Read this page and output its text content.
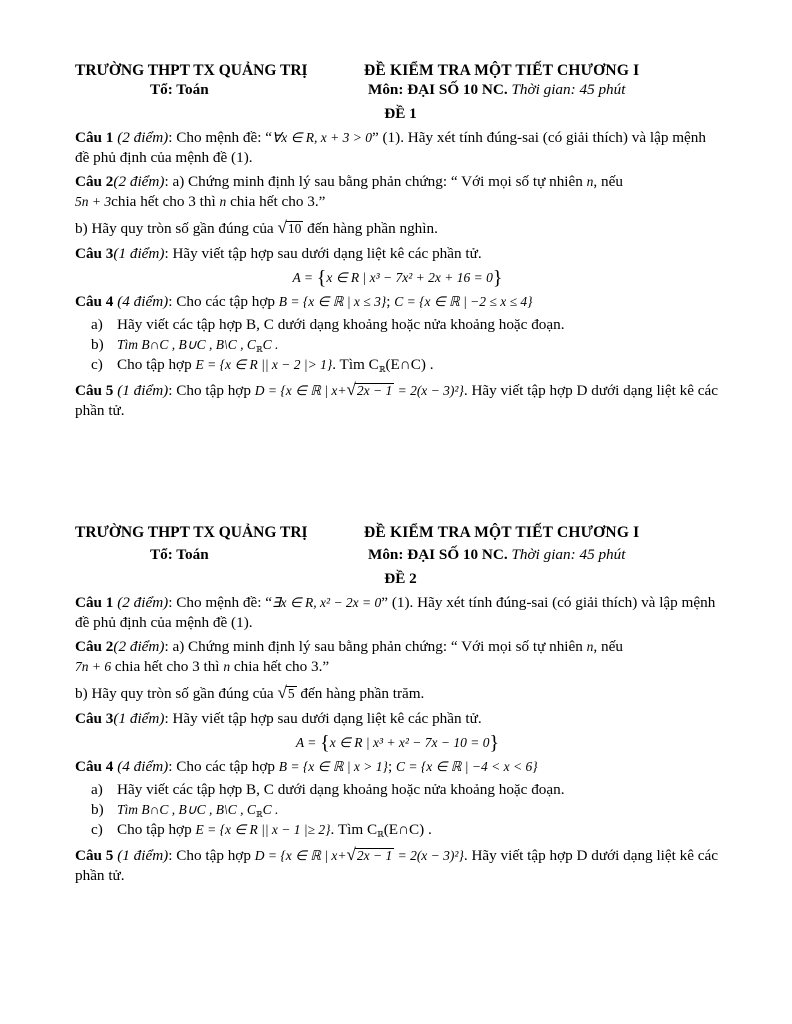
TRƯỜNG THPT TX QUẢNG TRỊ	ĐỀ KIỂM TRA MỘT TIẾT CHƯƠNG I
Tổ: Toán	Môn: ĐẠI SỐ 10 NC. Thời gian: 45 phút
ĐỀ 1

Câu 1 (2 điểm): Cho mệnh đề: “∀x ∈ R, x + 3 > 0” (1). Hãy xét tính đúng-sai (có giải thích) và lập mệnh đề phủ định của mệnh đề (1).

Câu 2(2 điểm): a) Chứng minh định lý sau bằng phản chứng: “ Với mọi số tự nhiên n, nếu
5n + 3chia hết cho 3 thì n chia hết cho 3.”

b) Hãy quy tròn số gần đúng của √10 đến hàng phần nghìn.

Câu 3(1 điểm): Hãy viết tập hợp sau dưới dạng liệt kê các phần tử.

A = {x ∈ R | x³ − 7x² + 2x + 16 = 0}

Câu 4 (4 điểm): Cho các tập hợp B = {x ∈ ℝ | x ≤ 3}; C = {x ∈ ℝ | −2 ≤ x ≤ 4}

a) Hãy viết các tập hợp B, C dưới dạng khoảng hoặc nửa khoảng hoặc đoạn.
b) Tìm B∩C , B∪C , B\C , $C_ℝC$ .
c) Cho tập hợp E = {x ∈ R || x − 2 |> 1}. Tìm $C_ℝ(E\cap C)$ .

Câu 5 (1 điểm): Cho tập hợp D = {x ∈ ℝ | x+√2x − 1 = 2(x − 3)²}. Hãy viết tập hợp D dưới dạng liệt kê các phần tử.

TRƯỜNG THPT TX QUẢNG TRỊ	ĐỀ KIỂM TRA MỘT TIẾT CHƯƠNG I
Tổ: Toán	Môn: ĐẠI SỐ 10 NC. Thời gian: 45 phút
ĐỀ 2

Câu 1 (2 điểm): Cho mệnh đề: “∃x ∈ R, x² − 2x = 0” (1). Hãy xét tính đúng-sai (có giải thích) và lập mệnh đề phủ định của mệnh đề (1).

Câu 2(2 điểm): a) Chứng minh định lý sau bằng phản chứng: “ Với mọi số tự nhiên n, nếu
7n + 6 chia hết cho 3 thì n chia hết cho 3.”

b) Hãy quy tròn số gần đúng của √5 đến hàng phần trăm.

Câu 3(1 điểm): Hãy viết tập hợp sau dưới dạng liệt kê các phần tử.

A = {x ∈ R | x³ + x² − 7x − 10 = 0}

Câu 4 (4 điểm): Cho các tập hợp B = {x ∈ ℝ | x > 1}; C = {x ∈ ℝ | −4 < x < 6}

a) Hãy viết các tập hợp B, C dưới dạng khoảng hoặc nửa khoảng hoặc đoạn.
b) Tìm B∩C , B∪C , B\C , $C_ℝC$ .
c) Cho tập hợp E = {x ∈ R || x − 1 |≥ 2}. Tìm $C_ℝ(E\cap C)$ .

Câu 5 (1 điểm): Cho tập hợp D = {x ∈ ℝ | x+√2x − 1 = 2(x − 3)²}. Hãy viết tập hợp D dưới dạng liệt kê các phần tử.
